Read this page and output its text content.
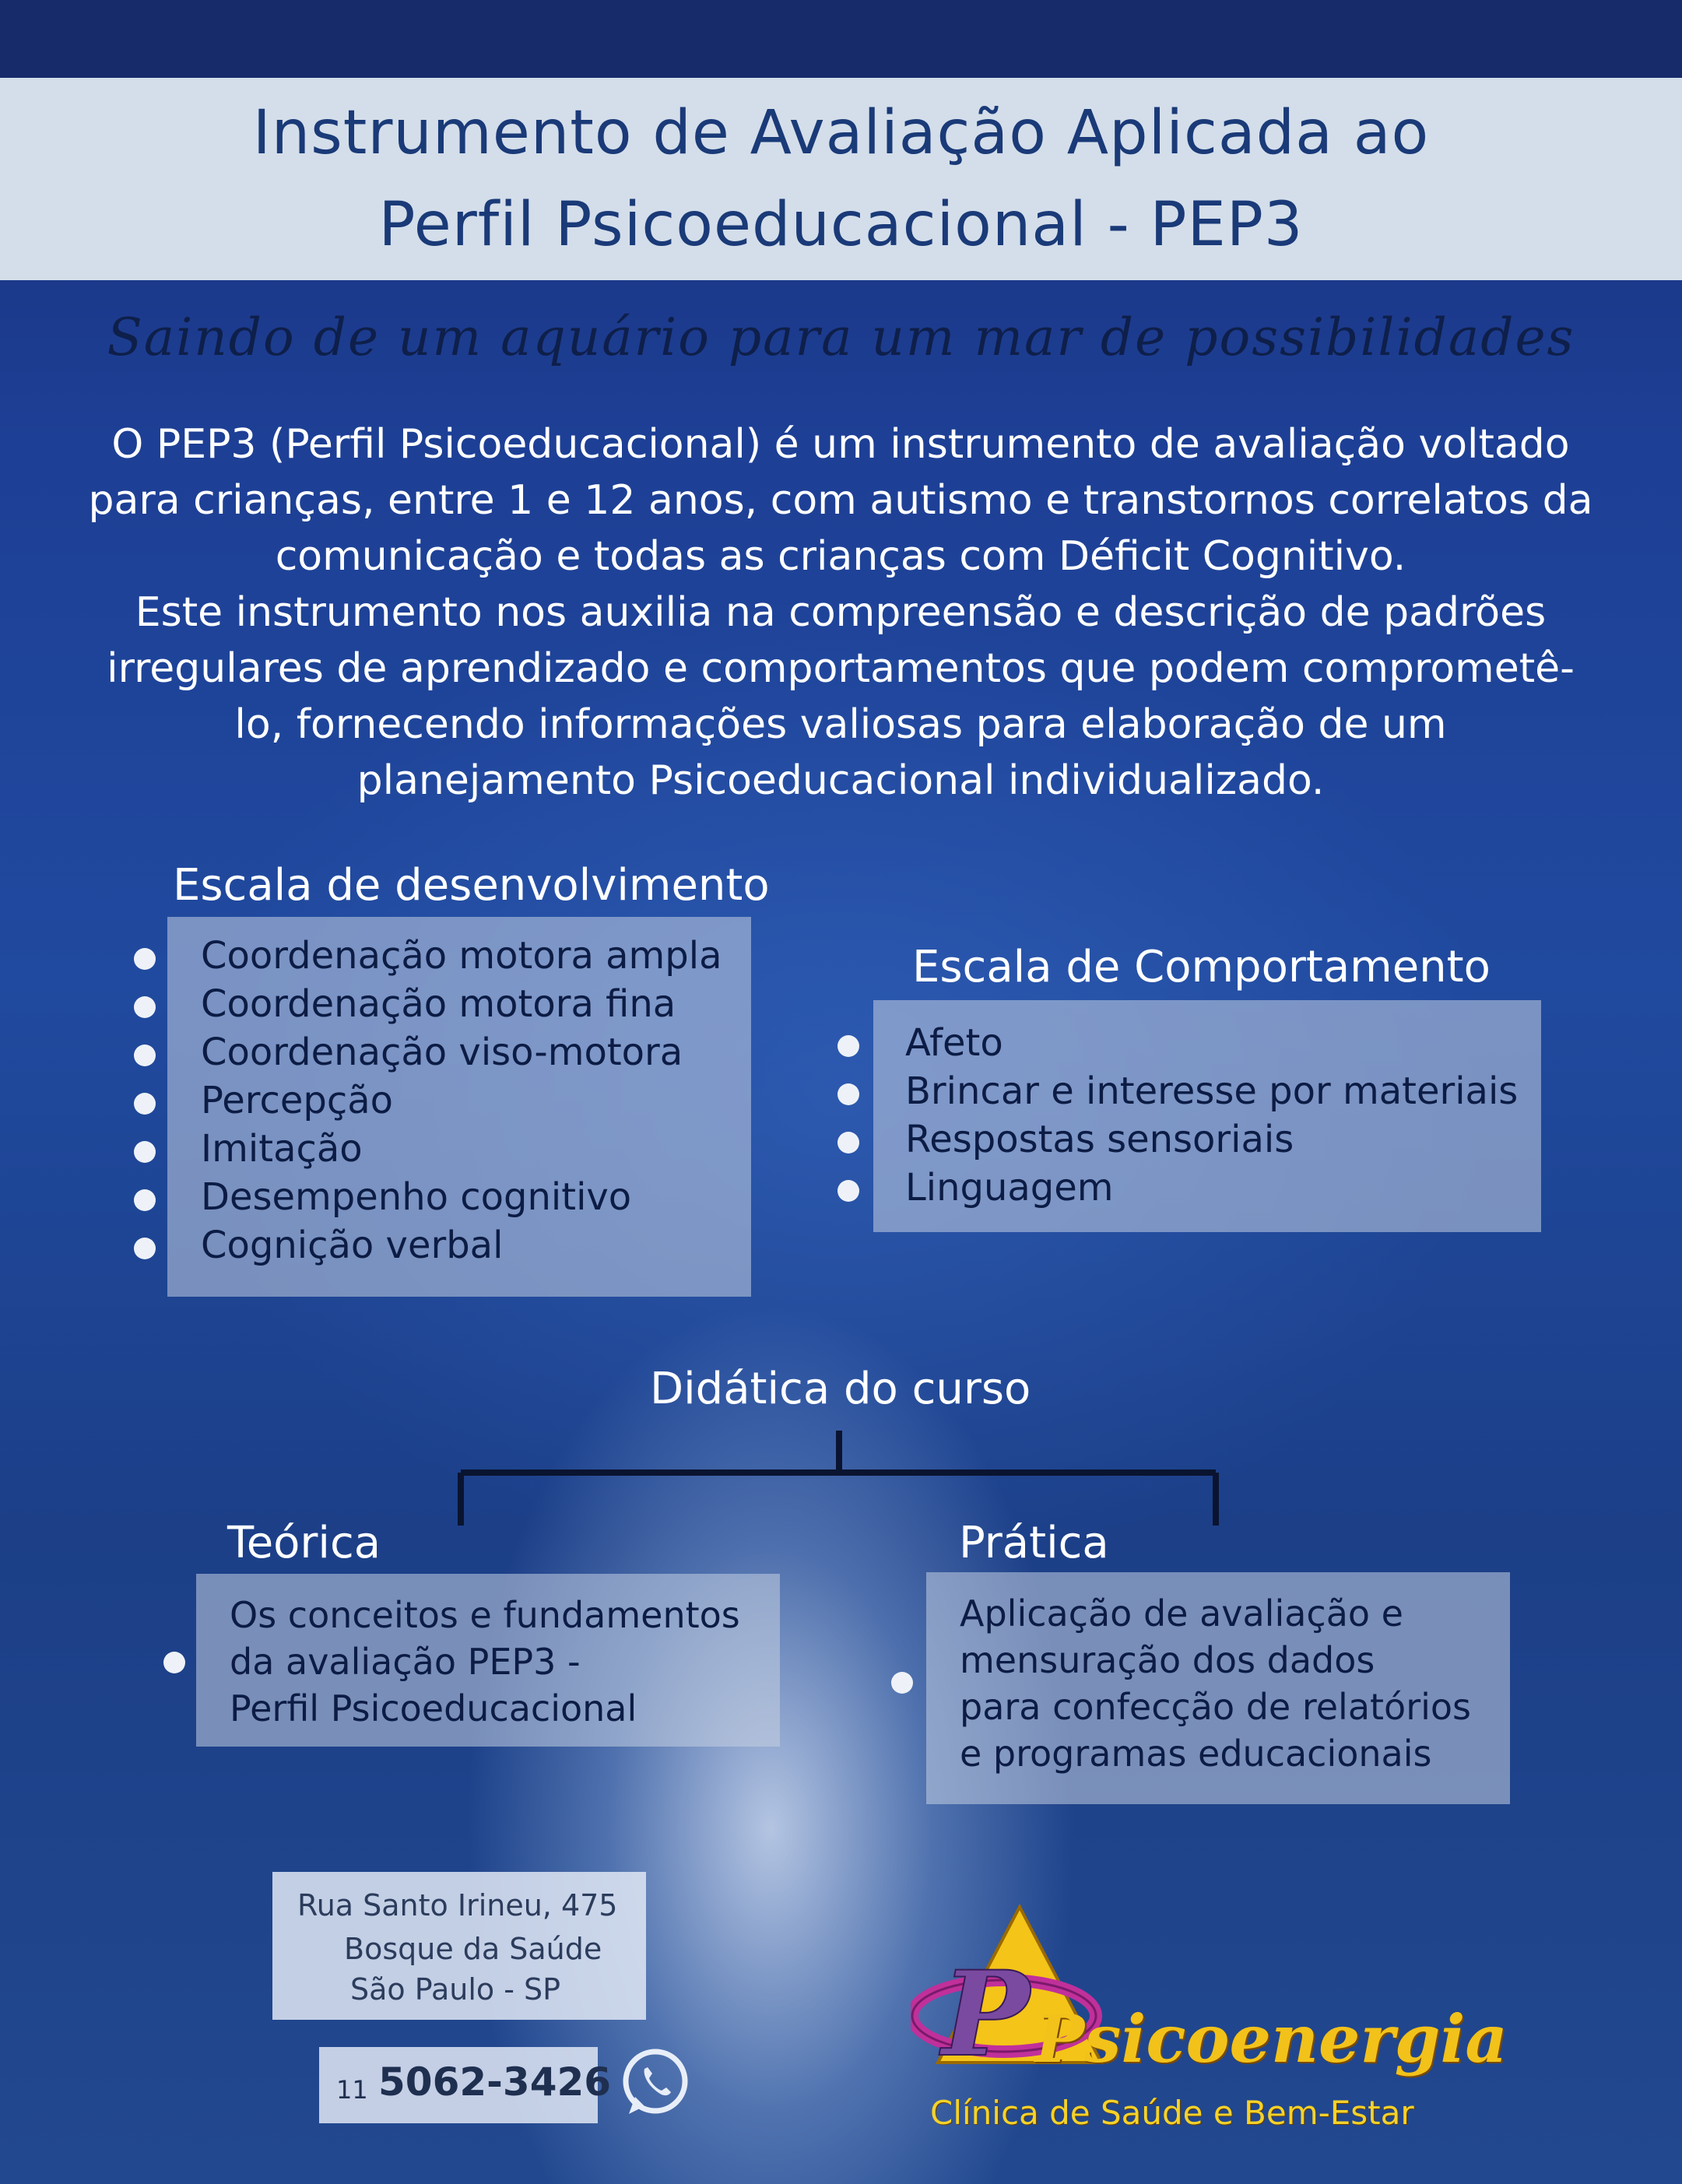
Instrumento de Avaliação Aplicada ao
Perfil Psicoeducacional - PEP3
Saindo de um aquário para um mar de possibilidades
O PEP3 (Perfil Psicoeducacional) é um instrumento de avaliação voltado
para crianças, entre 1 e 12 anos, com autismo e transtornos correlatos da
comunicação e todas as crianças com Déficit Cognitivo.
Este instrumento nos auxilia na compreensão e descrição de padrões
irregulares de aprendizado e comportamentos que podem comprometê-
lo, fornecendo informações valiosas para elaboração de um
planejamento Psicoeducacional individualizado.
Escala de desenvolvimento
Coordenação motora ampla
Coordenação motora fina
Coordenação viso-motora
Percepção
Imitação
Desempenho cognitivo
Cognição verbal
Escala de Comportamento
Afeto
Brincar e interesse por materiais
Respostas sensoriais
Linguagem
Didática do curso
Teórica
Os conceitos e fundamentos
da avaliação PEP3 -
Perfil Psicoeducacional
Prática
Aplicação de avaliação e
mensuração dos dados
para confecção de relatórios
e programas educacionais
Rua Santo Irineu, 475
Bosque da Saúde
São Paulo - SP
11 5062-3426	P Psicoenergia
Clínica de Saúde e Bem-Estar
